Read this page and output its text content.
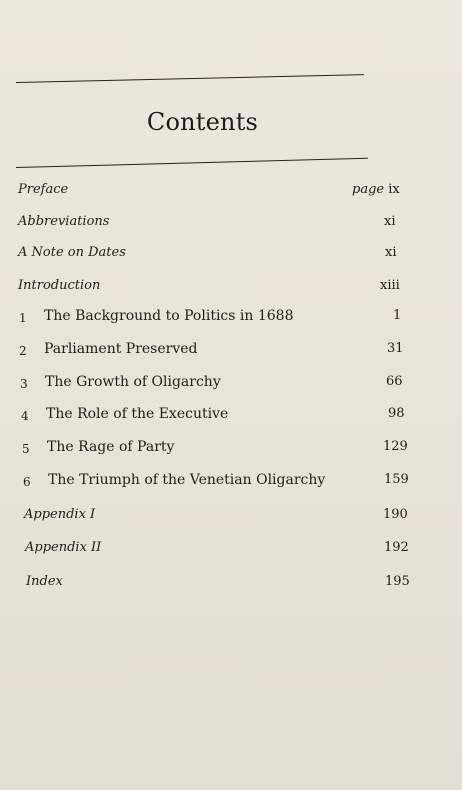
Contents
Preface	page ix
Abbreviations	xi
A Note on Dates	xi
Introduction	xiii
1 The Background to Politics in 1688	1
2 Parliament Preserved	31
3 The Growth of Oligarchy	66
4 The Role of the Executive	98
5 The Rage of Party	129
6 The Triumph of the Venetian Oligarchy	159
Appendix I	190
Appendix II	192
Index	195
